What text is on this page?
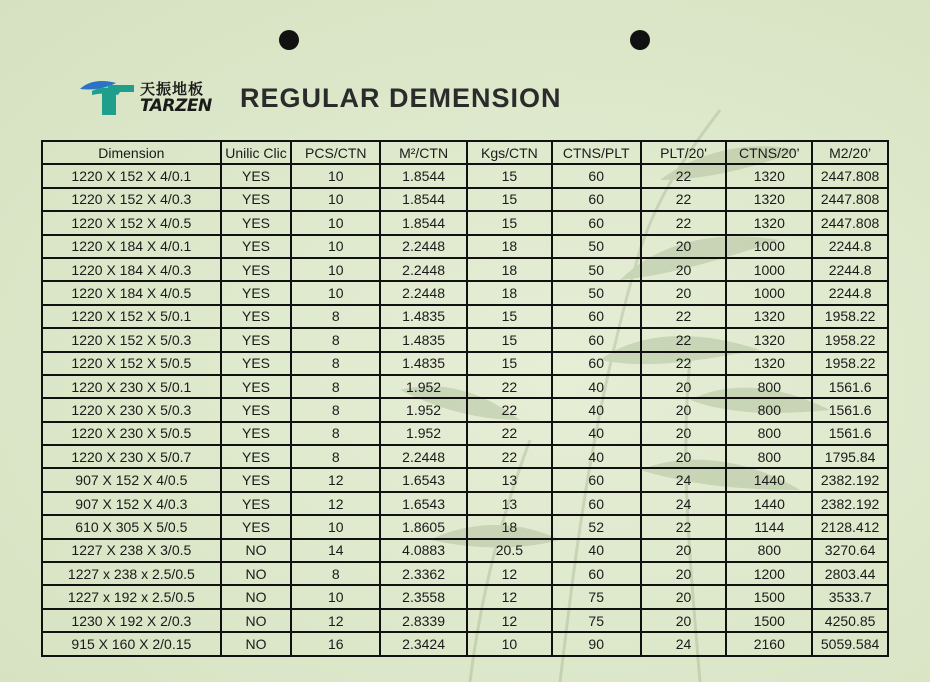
天振地板
TARZEN REGULAR DEMENSION
Dimension	Unilic Clic	PCS/CTN	M²/CTN	Kgs/CTN	CTNS/PLT	PLT/20'	CTNS/20’	M2/20’
1220 X 152 X 4/0.1	YES	10	1.8544	15	60	22	1320	2447.808
1220 X 152 X 4/0.3	YES	10	1.8544	15	60	22	1320	2447.808
1220 X 152 X 4/0.5	YES	10	1.8544	15	60	22	1320	2447.808
1220 X 184 X 4/0.1	YES	10	2.2448	18	50	20	1000	2244.8
1220 X 184 X 4/0.3	YES	10	2.2448	18	50	20	1000	2244.8
1220 X 184 X 4/0.5	YES	10	2.2448	18	50	20	1000	2244.8
1220 X 152 X 5/0.1	YES	8	1.4835	15	60	22	1320	1958.22
1220 X 152 X 5/0.3	YES	8	1.4835	15	60	22	1320	1958.22
1220 X 152 X 5/0.5	YES	8	1.4835	15	60	22	1320	1958.22
1220 X 230 X 5/0.1	YES	8	1.952	22	40	20	800	1561.6
1220 X 230 X 5/0.3	YES	8	1.952	22	40	20	800	1561.6
1220 X 230 X 5/0.5	YES	8	1.952	22	40	20	800	1561.6
1220 X 230 X 5/0.7	YES	8	2.2448	22	40	20	800	1795.84
907 X 152 X 4/0.5	YES	12	1.6543	13	60	24	1440	2382.192
907 X 152 X 4/0.3	YES	12	1.6543	13	60	24	1440	2382.192
610 X 305 X 5/0.5	YES	10	1.8605	18	52	22	1144	2128.412
1227 X 238 X 3/0.5	NO	14	4.0883	20.5	40	20	800	3270.64
1227 x 238 x 2.5/0.5	NO	8	2.3362	12	60	20	1200	2803.44
1227 x 192 x 2.5/0.5	NO	10	2.3558	12	75	20	1500	3533.7
1230 X 192 X 2/0.3	NO	12	2.8339	12	75	20	1500	4250.85
915 X 160 X 2/0.15	NO	16	2.3424	10	90	24	2160	5059.584
